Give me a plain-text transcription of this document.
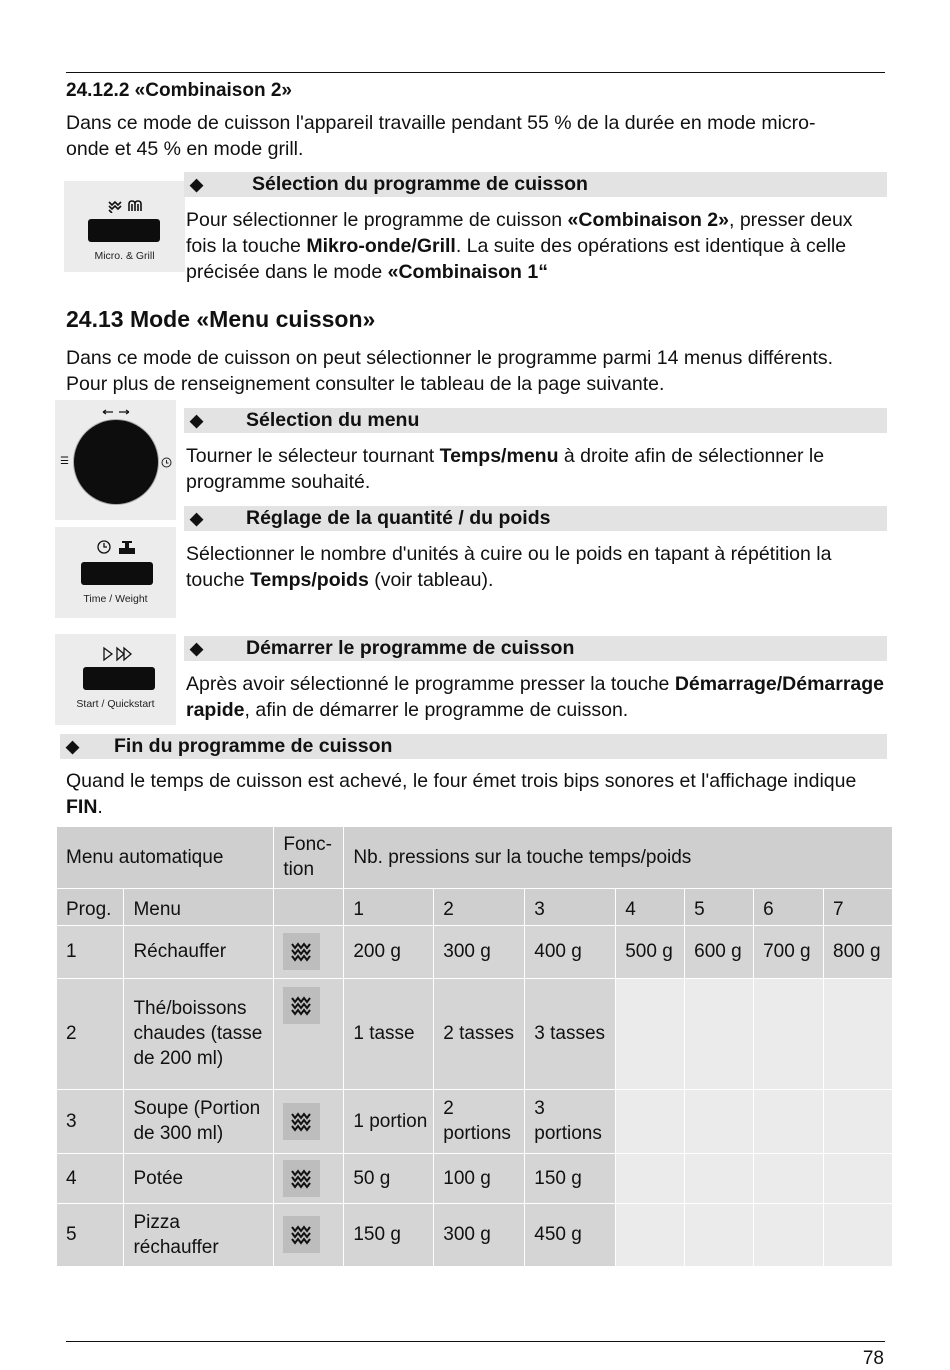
24.12.2 «Combinaison 2»

Dans ce mode de cuisson l'appareil travaille pendant 55 % de la durée en mode micro-
onde et 45 % en mode grill.

Micro. & Grill
◆	Sélection du programme de cuisson

Pour sélectionner le programme de cuisson «Combinaison 2», presser deux fois la touche Mikro-onde/Grill. La suite des opérations est identique à celle précisée dans le mode «Combinaison 1“

24.13 Mode «Menu cuisson»

Dans ce mode de cuisson on peut sélectionner le programme parmi 14 menus différents.
Pour plus de renseignement consulter le tableau de la page suivante.

☰
◆ Sélection du menu

Tourner le sélecteur tournant Temps/menu à droite afin de sélectionner le programme souhaité.

Time / Weight
◆ Réglage de la quantité / du poids

Sélectionner le nombre d'unités à cuire ou le poids en tapant à répétition la touche Temps/poids (voir tableau).

Start / Quickstart
◆ Démarrer le programme de cuisson

Après avoir sélectionné le programme presser la touche Démarrage/Démarrage rapide, afin de démarrer le programme de cuisson.

◆ Fin du programme de cuisson

Quand le temps de cuisson est achevé, le four émet trois bips sonores et l'affichage indique FIN.

Menu automatique		Fonc-tion	Nb. pressions sur la touche temps/poids						
Prog.	Menu		1	2	3	4	5	6	7
1	Réchauffer		200 g	300 g	400 g	500 g	600 g	700 g	800 g
2	Thé/boissons chaudes (tasse de 200 ml)		1 tasse	2 tasses	3 tasses				
3	Soupe (Portion de 300 ml)		1 portion	2 portions	3 portions				
4	Potée		50 g	100 g	150 g				
5	Pizza réchauffer		150 g	300 g	450 g				
78
